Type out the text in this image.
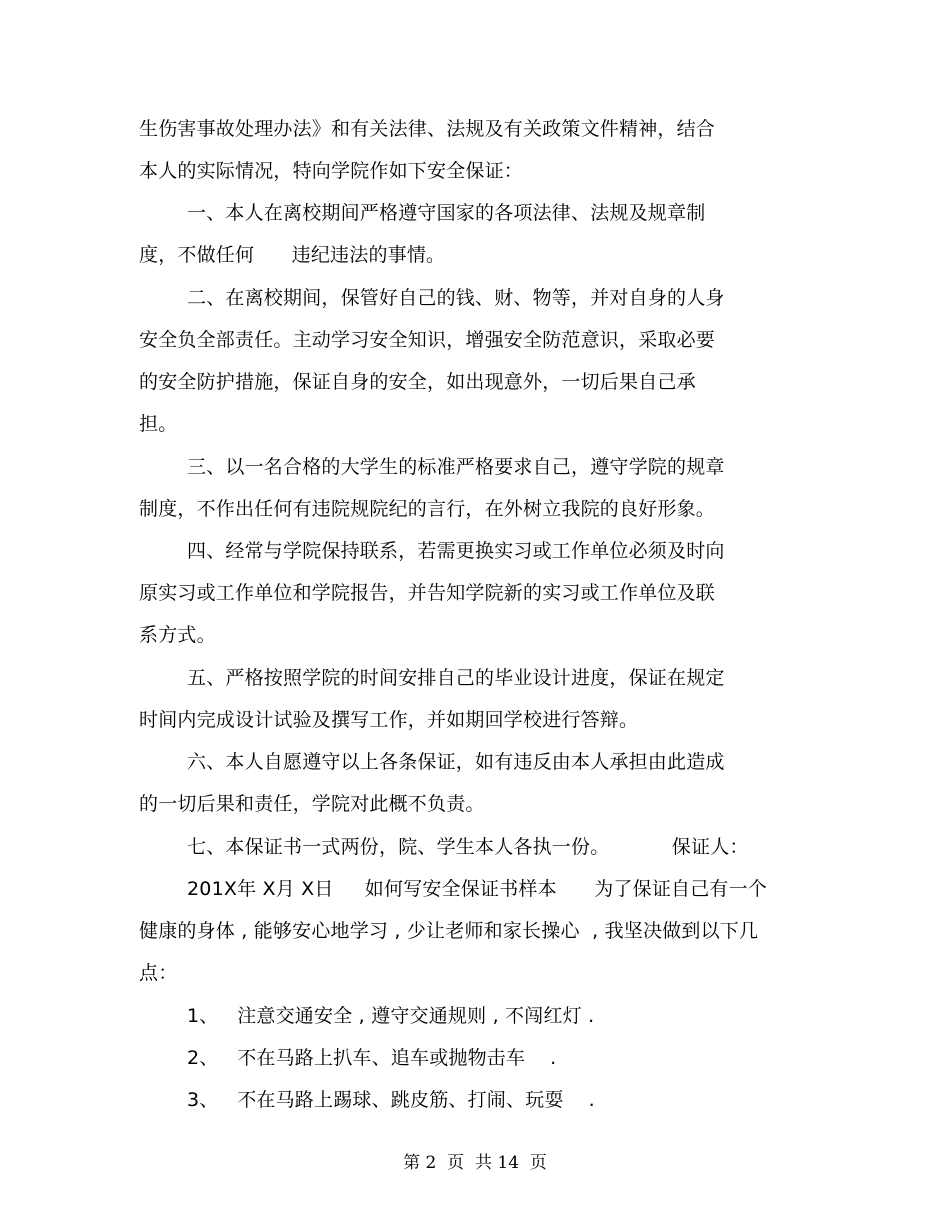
生伤害事故处理办法》和有关法律、法规及有关政策文件精神，结合
本人的实际情况，特向学院作如下安全保证：
一、本人在离校期间严格遵守国家的各项法律、法规及规章制
度，不做任何      违纪违法的事情。
二、在离校期间，保管好自己的钱、财、物等，并对自身的人身
安全负全部责任。主动学习安全知识，增强安全防范意识，采取必要
的安全防护措施，保证自身的安全，如出现意外，一切后果自己承
担。
三、以一名合格的大学生的标准严格要求自己，遵守学院的规章
制度，不作出任何有违院规院纪的言行，在外树立我院的良好形象。
四、经常与学院保持联系，若需更换实习或工作单位必须及时向
原实习或工作单位和学院报告，并告知学院新的实习或工作单位及联
系方式。
五、严格按照学院的时间安排自己的毕业设计进度，保证在规定
时间内完成设计试验及撰写工作，并如期回学校进行答辩。
六、本人自愿遵守以上各条保证，如有违反由本人承担由此造成
的一切后果和责任，学院对此概不负责。
七、本保证书一式两份，院、学生本人各执一份。          保证人：
201X年 X月 X日     如何写安全保证书样本      为了保证自己有一个
健康的身体 , 能够安心地学习 , 少让老师和家长操心  , 我坚决做到以下几
点：
1、   注意交通安全 , 遵守交通规则 , 不闯红灯 .
2、   不在马路上扒车、追车或抛物击车    .
3、   不在马路上踢球、跳皮筋、打闹、玩耍    .
第 2  页  共 14  页
